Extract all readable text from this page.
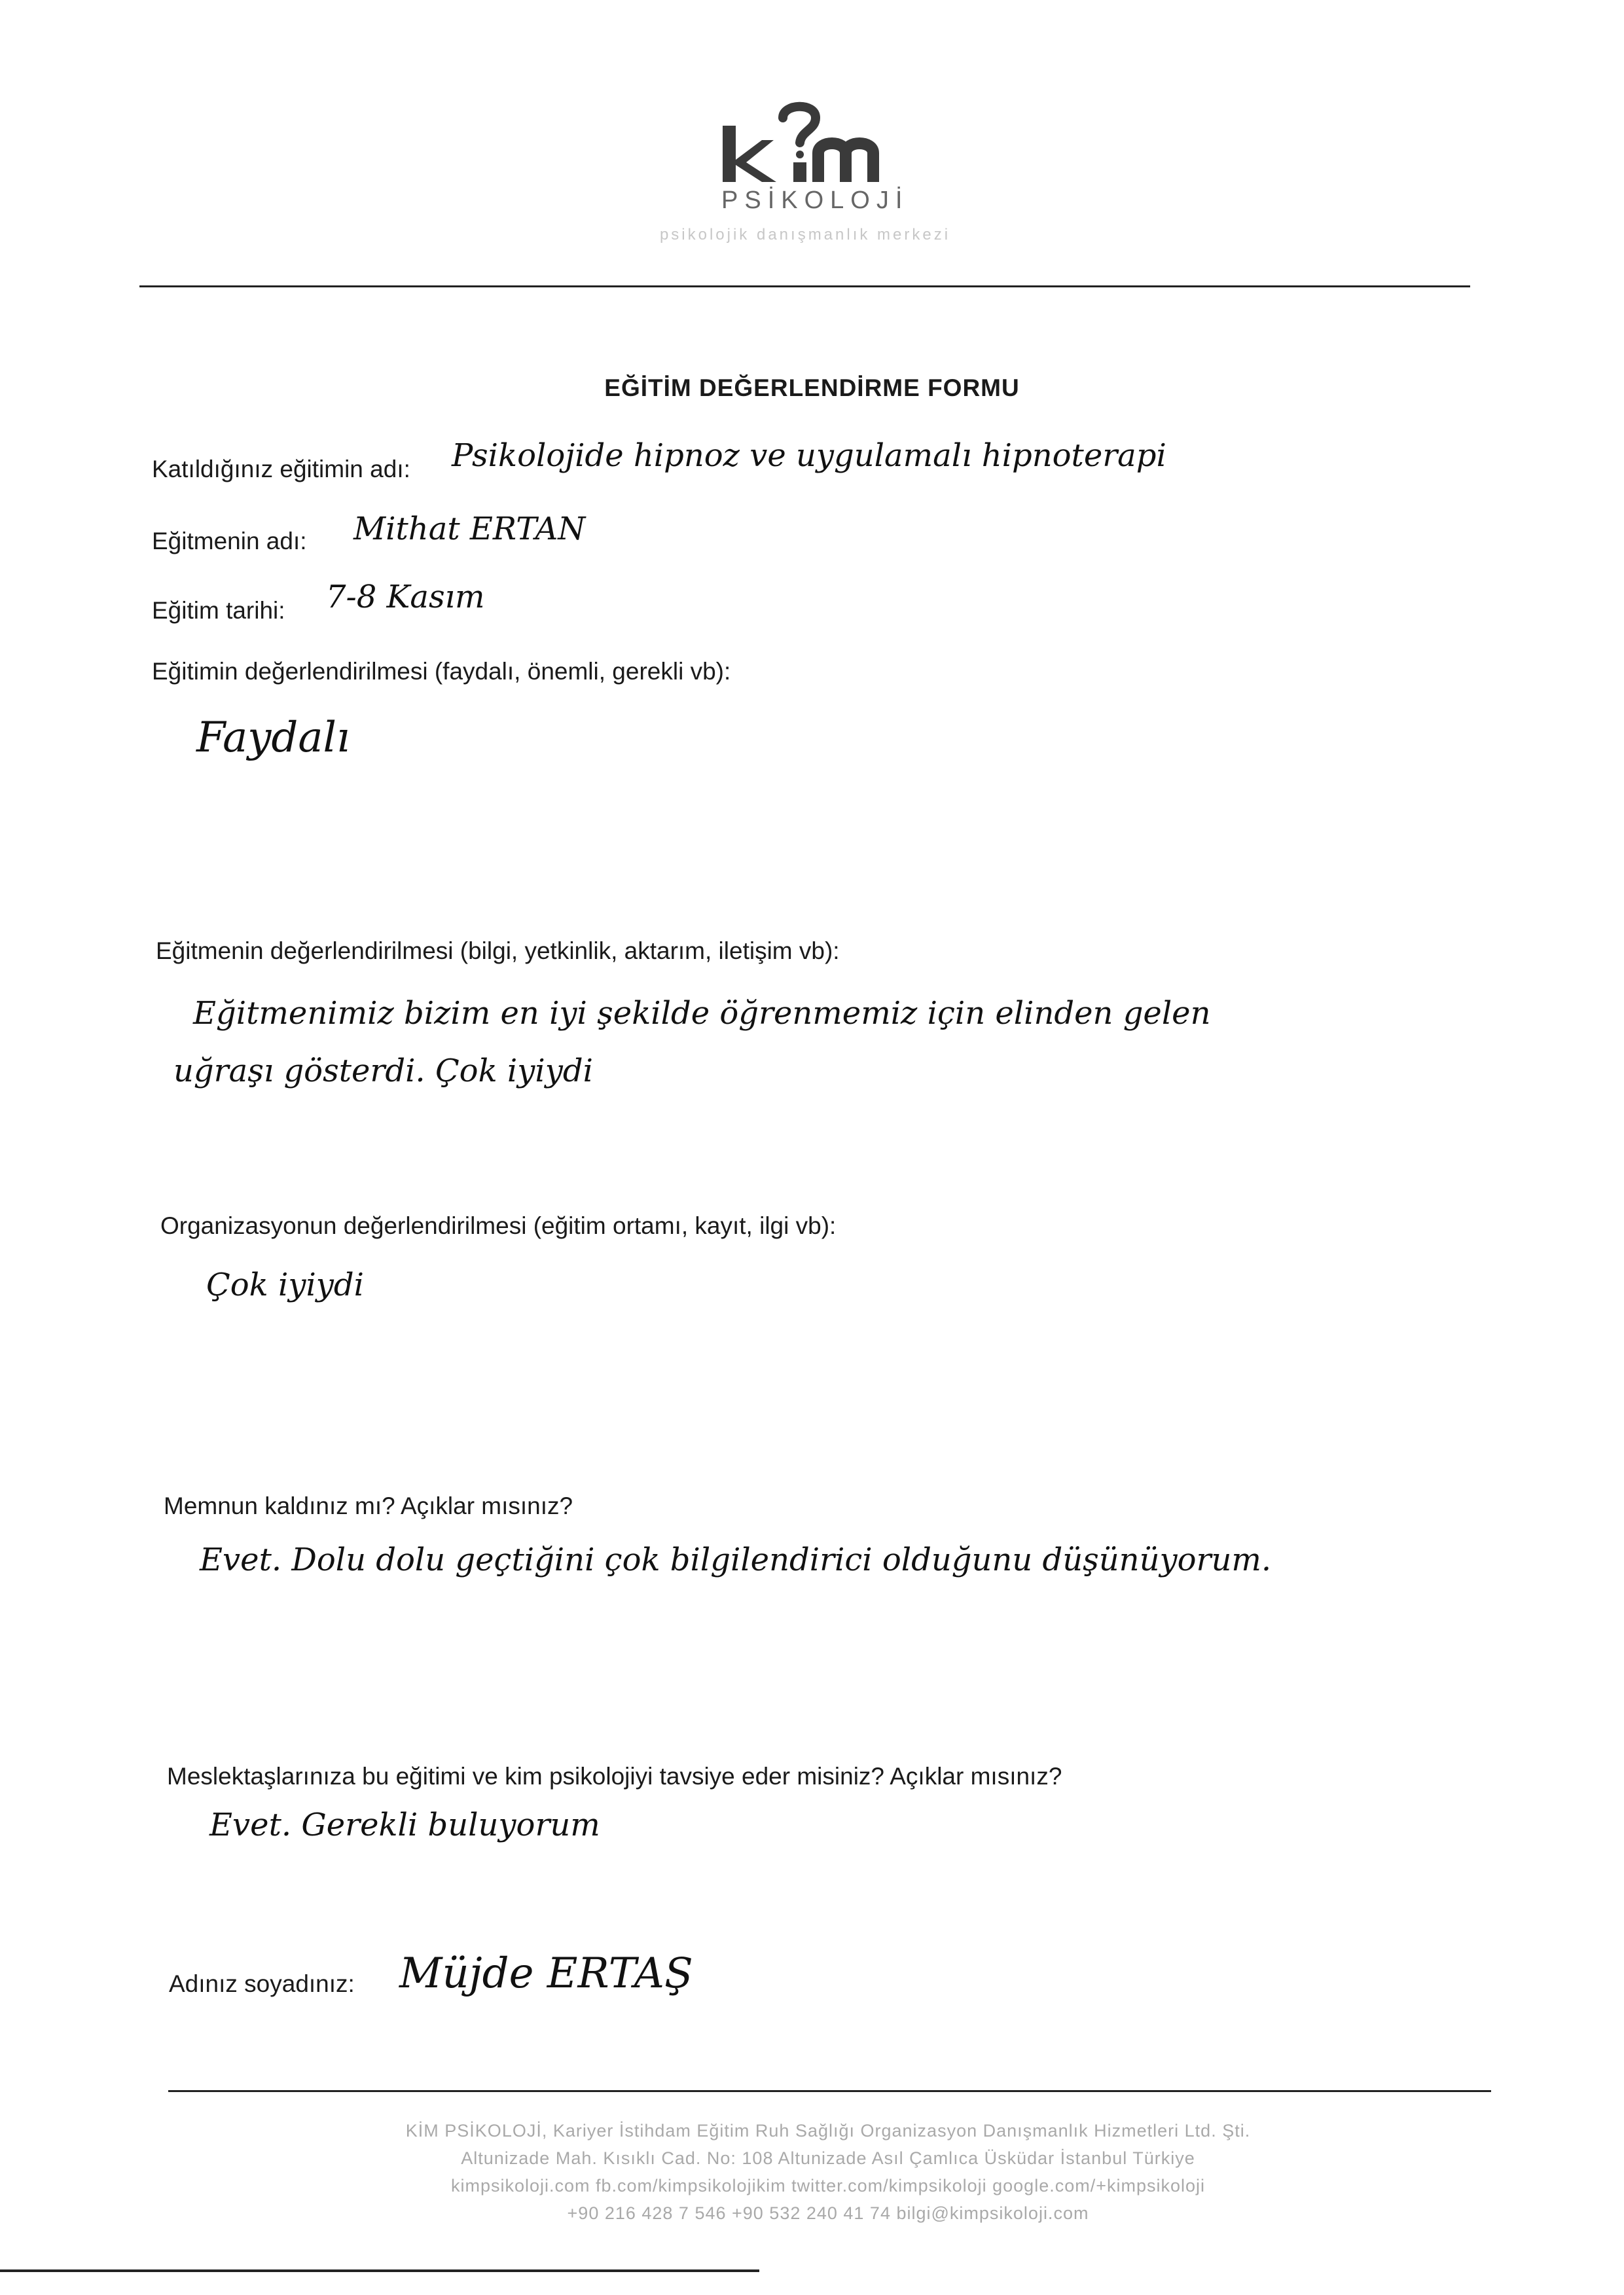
PSİKOLOJİ
psikolojik danışmanlık merkezi
EĞİTİM DEĞERLENDİRME FORMU
Katıldığınız eğitimin adı: Psikolojide hipnoz ve uygulamalı hipnoterapi
Eğitmenin adı: Mithat ERTAN
Eğitim tarihi: 7-8 Kasım
Eğitimin değerlendirilmesi (faydalı, önemli, gerekli vb):
Faydalı
Eğitmenin değerlendirilmesi (bilgi, yetkinlik, aktarım, iletişim vb):
Eğitmenimiz bizim en iyi şekilde öğrenmemiz için elinden gelen
uğraşı gösterdi. Çok iyiydi
Organizasyonun değerlendirilmesi (eğitim ortamı, kayıt, ilgi vb):
Çok iyiydi
Memnun kaldınız mı? Açıklar mısınız?
Evet. Dolu dolu geçtiğini çok bilgilendirici olduğunu düşünüyorum.
Meslektaşlarınıza bu eğitimi ve kim psikolojiyi tavsiye eder misiniz? Açıklar mısınız?
Evet. Gerekli buluyorum
Adınız soyadınız: Müjde ERTAŞ
KİM PSİKOLOJİ, Kariyer İstihdam Eğitim Ruh Sağlığı Organizasyon Danışmanlık Hizmetleri Ltd. Şti.
Altunizade Mah. Kısıklı Cad. No: 108 Altunizade Asıl Çamlıca Üsküdar İstanbul Türkiye
kimpsikoloji.com fb.com/kimpsikolojikim twitter.com/kimpsikoloji google.com/+kimpsikoloji
+90 216 428 7 546 +90 532 240 41 74 bilgi@kimpsikoloji.com
